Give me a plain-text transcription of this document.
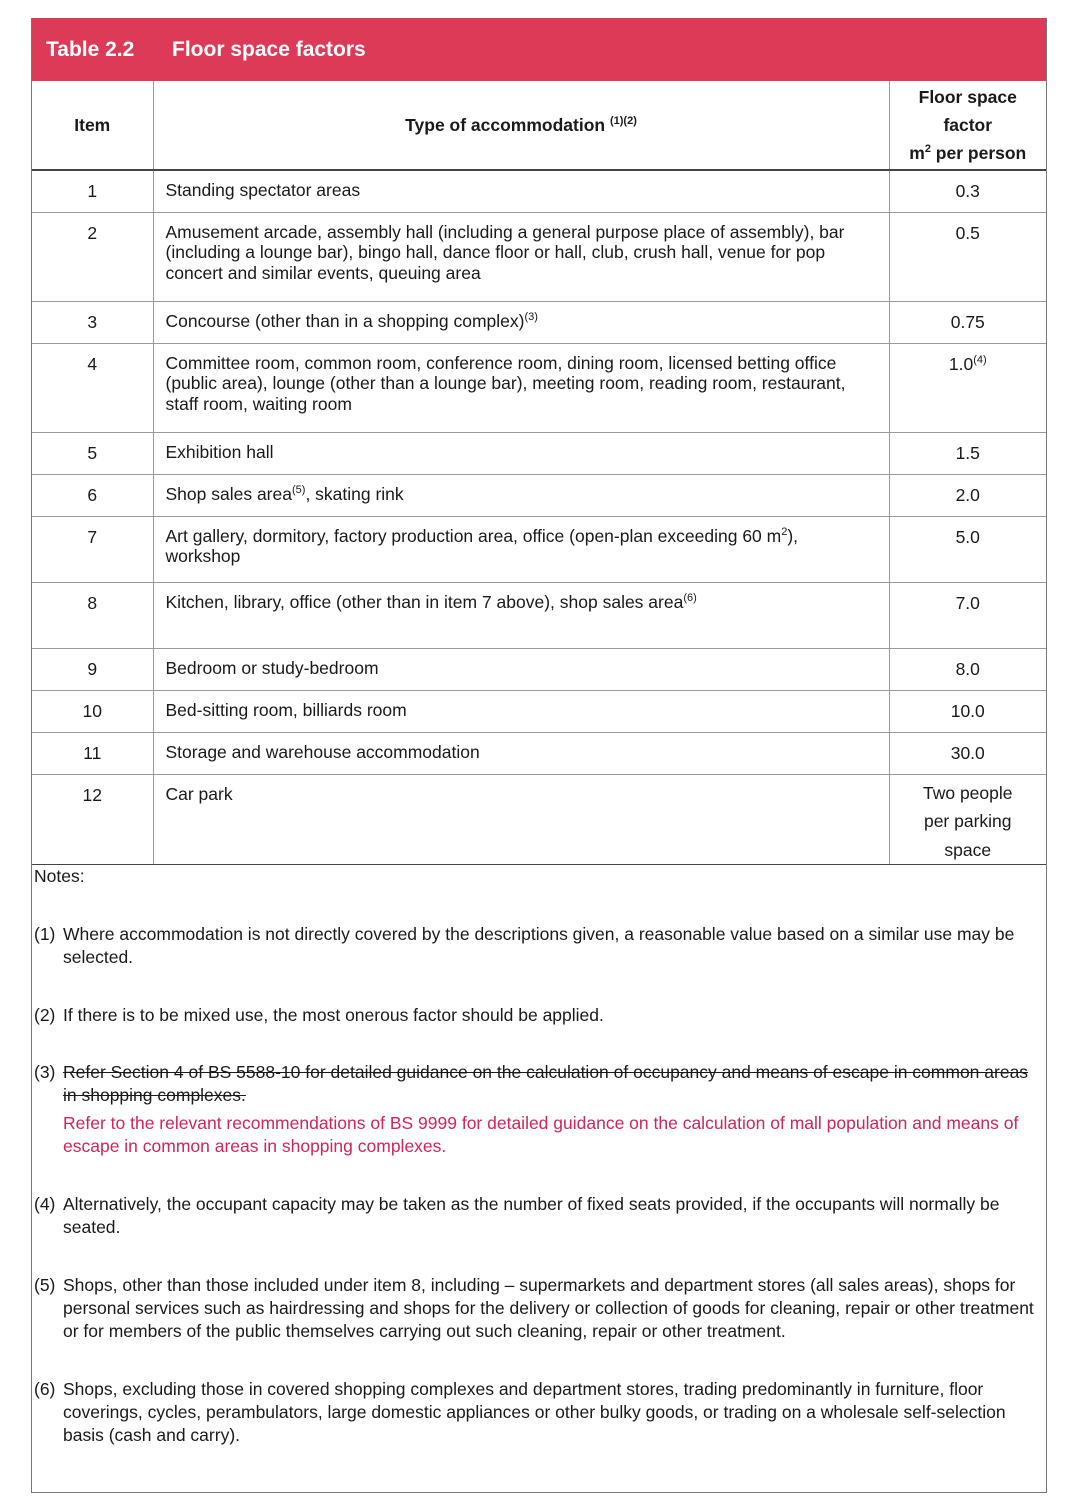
Table 2.2	Floor space factors
Item	Type of accommodation $^{(1)(2)}$	Floor space
factor
$m^2$ per person

1	Standing spectator areas	0.3
2	Amusement arcade, assembly hall (including a general purpose place of assembly), bar (including a lounge bar), bingo hall, dance floor or hall, club, crush hall, venue for pop concert and similar events, queuing area	0.5
3	Concourse (other than in a shopping complex)$^{(3)}$	0.75
4	Committee room, common room, conference room, dining room, licensed betting office (public area), lounge (other than a lounge bar), meeting room, reading room, restaurant, staff room, waiting room	1.0$^{(4)}$
5	Exhibition hall	1.5
6	Shop sales area$^{(5)}$, skating rink	2.0
7	Art gallery, dormitory, factory production area, office (open-plan exceeding 60 $m^2$), workshop	5.0
8	Kitchen, library, office (other than in item 7 above), shop sales area$^{(6)}$	7.0
9	Bedroom or study-bedroom	8.0
10	Bed-sitting room, billiards room	10.0
11	Storage and warehouse accommodation	30.0
12	Car park	Two people per parking space
Notes:
(1) Where accommodation is not directly covered by the descriptions given, a reasonable value based on a similar use may be selected.
(2) If there is to be mixed use, the most onerous factor should be applied.
(3) Refer Section 4 of BS 5588-10 for detailed guidance on the calculation of occupancy and means of escape in common areas in shopping complexes.
Refer to the relevant recommendations of BS 9999 for detailed guidance on the calculation of mall population and means of escape in common areas in shopping complexes.
(4) Alternatively, the occupant capacity may be taken as the number of fixed seats provided, if the occupants will normally be seated.
(5) Shops, other than those included under item 8, including – supermarkets and department stores (all sales areas), shops for personal services such as hairdressing and shops for the delivery or collection of goods for cleaning, repair or other treatment or for members of the public themselves carrying out such cleaning, repair or other treatment.
(6) Shops, excluding those in covered shopping complexes and department stores, trading predominantly in furniture, floor coverings, cycles, perambulators, large domestic appliances or other bulky goods, or trading on a wholesale self-selection basis (cash and carry).
